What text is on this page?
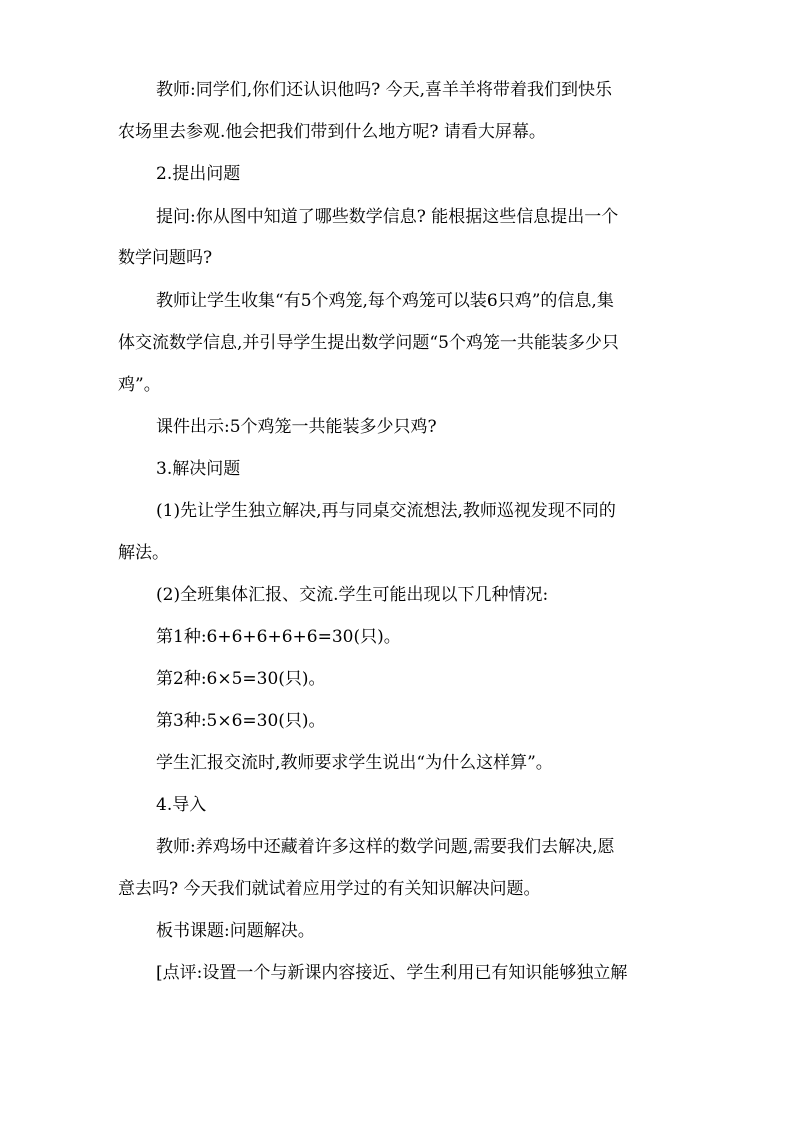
教师:同学们,你们还认识他吗? 今天,喜羊羊将带着我们到快乐
农场里去参观.他会把我们带到什么地方呢? 请看大屏幕。
2.提出问题
提问:你从图中知道了哪些数学信息? 能根据这些信息提出一个
数学问题吗?
教师让学生收集“有5个鸡笼,每个鸡笼可以装6只鸡”的信息,集
体交流数学信息,并引导学生提出数学问题“5个鸡笼一共能装多少只
鸡”。
课件出示:5个鸡笼一共能装多少只鸡?
3.解决问题
(1)先让学生独立解决,再与同桌交流想法,教师巡视发现不同的
解法。
(2)全班集体汇报、交流.学生可能出现以下几种情况:
第1种:6+6+6+6+6=30(只)。
第2种:6×5=30(只)。
第3种:5×6=30(只)。
学生汇报交流时,教师要求学生说出“为什么这样算”。
4.导入
教师:养鸡场中还藏着许多这样的数学问题,需要我们去解决,愿
意去吗? 今天我们就试着应用学过的有关知识解决问题。
板书课题:问题解决。
[点评:设置一个与新课内容接近、学生利用已有知识能够独立解
